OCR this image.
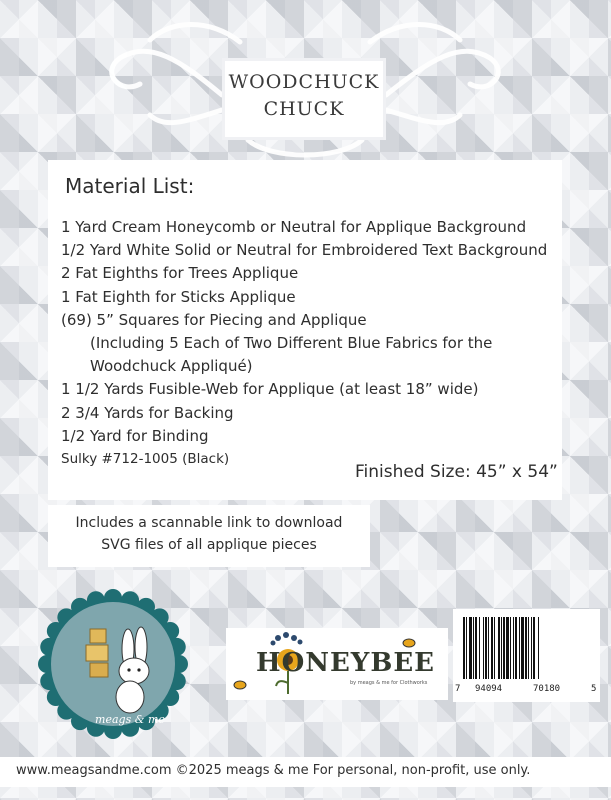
WOODCHUCK
CHUCK
Material List:
1 Yard Cream Honeycomb or Neutral for Applique Background
1/2 Yard White Solid or Neutral for Embroidered Text Background
2 Fat Eighths for Trees Applique
1 Fat Eighth for Sticks Applique
(69) 5” Squares for Piecing and Applique
(Including 5 Each of Two Different Blue Fabrics for the
Woodchuck Appliqué)
1 1/2 Yards Fusible-Web for Applique (at least 18” wide)
2 3/4 Yards for Backing
1/2 Yard for Binding
Sulky #712-1005 (Black)
Finished Size: 45” x 54”
Includes a scannable link to download
SVG files of all applique pieces
meags & me
HONEYBEE
by meags & me for Clothworks
7 94094	70180	5
www.meagsandme.com ©2025 meags & me For personal, non-profit, use only.
